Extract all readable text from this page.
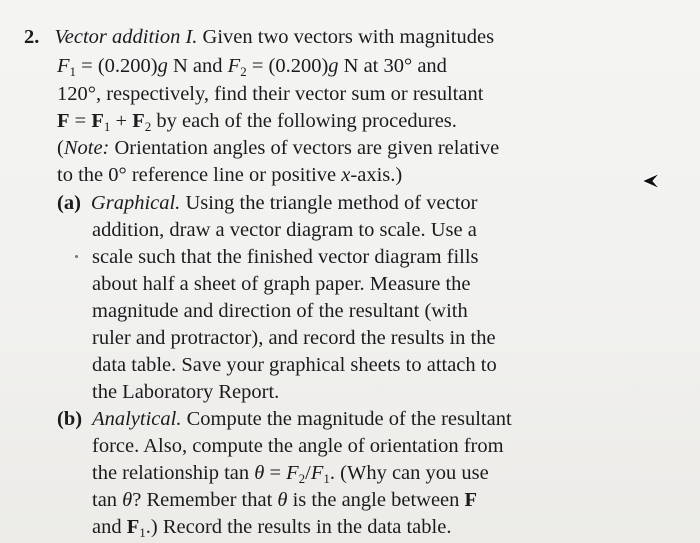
2. Vector addition I. Given two vectors with magnitudes
$F_1 = (0.200)g$ N and $F_2 = (0.200)g$ N at 30° and
120°, respectively, find their vector sum or resultant
$F = F_1 + F_2$ by each of the following procedures.
(Note: Orientation angles of vectors are given relative
to the 0° reference line or positive x-axis.)
(a) Graphical. Using the triangle method of vector
addition, draw a vector diagram to scale. Use a
scale such that the finished vector diagram fills
about half a sheet of graph paper. Measure the
magnitude and direction of the resultant (with
ruler and protractor), and record the results in the
data table. Save your graphical sheets to attach to
the Laboratory Report.
(b) Analytical. Compute the magnitude of the resultant
force. Also, compute the angle of orientation from
the relationship $\tan \theta = F_2/F_1$. (Why can you use
tan θ? Remember that θ is the angle between F
and $F_1$.) Record the results in the data table.
